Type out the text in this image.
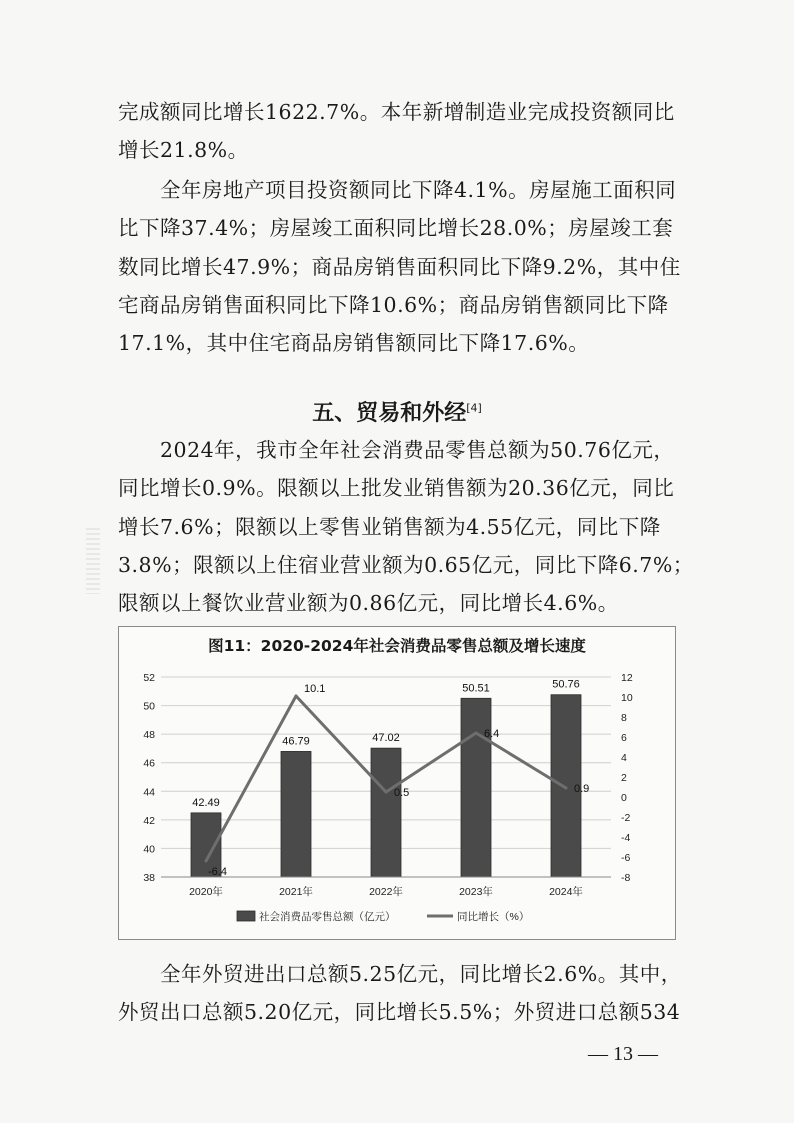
完成额同比增长1622.7%。本年新增制造业完成投资额同比
增长21.8%。

　　全年房地产项目投资额同比下降4.1%。房屋施工面积同
比下降37.4%；房屋竣工面积同比增长28.0%；房屋竣工套
数同比增长47.9%；商品房销售面积同比下降9.2%，其中住
宅商品房销售面积同比下降10.6%；商品房销售额同比下降
17.1%，其中住宅商品房销售额同比下降17.6%。

五、贸易和外经[4]

　　2024年，我市全年社会消费品零售总额为50.76亿元，
同比增长0.9%。限额以上批发业销售额为20.36亿元，同比
增长7.6%；限额以上零售业销售额为4.55亿元，同比下降
3.8%；限额以上住宿业营业额为0.65亿元，同比下降6.7%；
限额以上餐饮业营业额为0.86亿元，同比增长4.6%。

图11：2020-2024年社会消费品零售总额及增长速度
52
50
48
46
44
42
40
38
12
10
8
6
4
2
0
-2
-4
-6
-8
42.49
46.79	47.02
50.51	50.76
2020年	2021年	2022年	2023年	2024年
-6.4
10.1
0.5
6.4
0.9
社会消费品零售总额（亿元）	同比增长（%）

　　全年外贸进出口总额5.25亿元，同比增长2.6%。其中，
外贸出口总额5.20亿元，同比增长5.5%；外贸进口总额534

— 13 —
